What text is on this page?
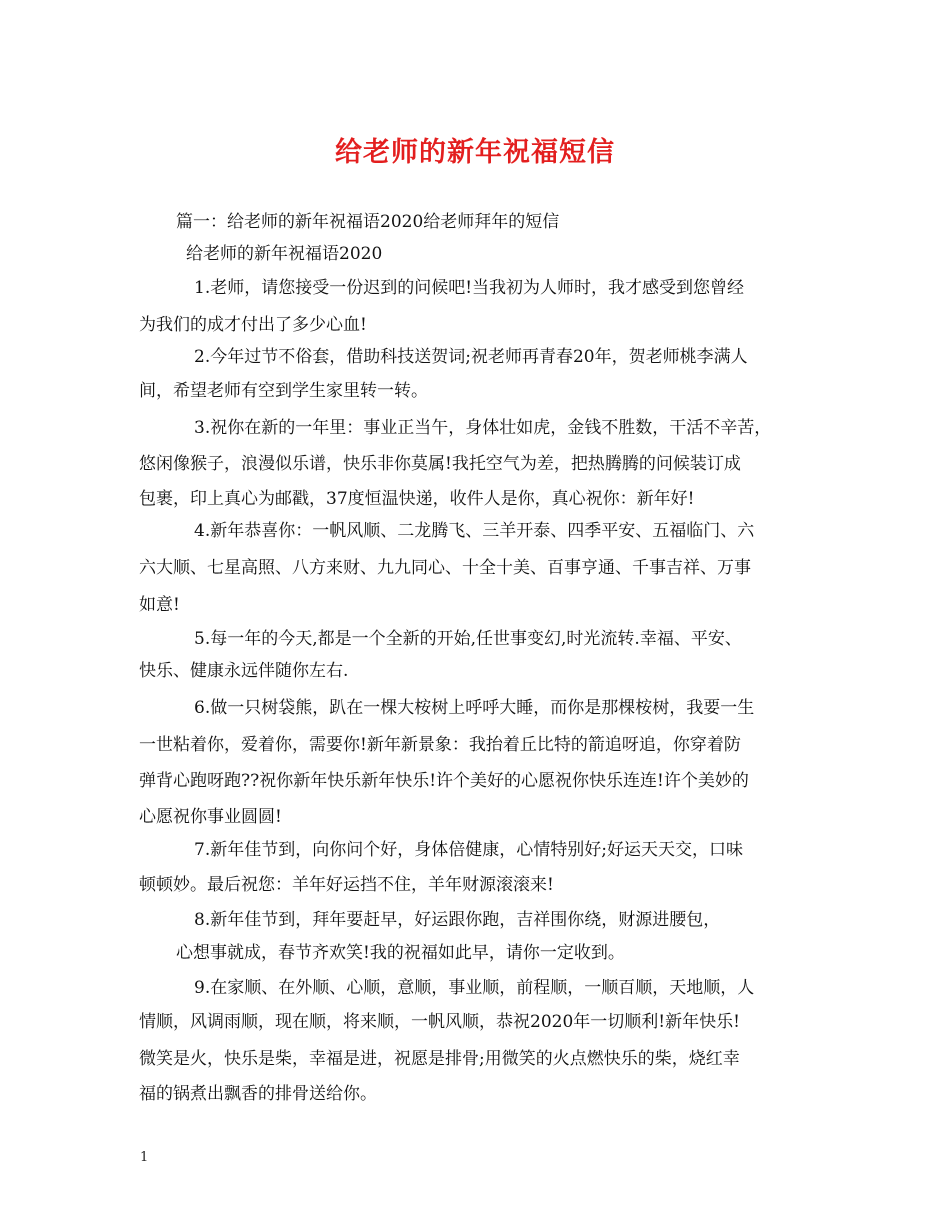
给老师的新年祝福短信
篇一：给老师的新年祝福语2020给老师拜年的短信
给老师的新年祝福语2020
1.老师，请您接受一份迟到的问候吧!当我初为人师时，我才感受到您曾经
为我们的成才付出了多少心血!
2.今年过节不俗套，借助科技送贺词;祝老师再青春20年，贺老师桃李满人
间，希望老师有空到学生家里转一转。
3.祝你在新的一年里：事业正当午，身体壮如虎，金钱不胜数，干活不辛苦，
悠闲像猴子，浪漫似乐谱，快乐非你莫属!我托空气为差，把热腾腾的问候装订成
包裹，印上真心为邮戳，37度恒温快递，收件人是你，真心祝你：新年好!
4.新年恭喜你：一帆风顺、二龙腾飞、三羊开泰、四季平安、五福临门、六
六大顺、七星高照、八方来财、九九同心、十全十美、百事亨通、千事吉祥、万事
如意!
5.每一年的今天,都是一个全新的开始,任世事变幻,时光流转.幸福、平安、
快乐、健康永远伴随你左右.
6.做一只树袋熊，趴在一棵大桉树上呼呼大睡，而你是那棵桉树，我要一生
一世粘着你，爱着你，需要你!新年新景象：我抬着丘比特的箭追呀追，你穿着防
弹背心跑呀跑??祝你新年快乐新年快乐!许个美好的心愿祝你快乐连连!许个美妙的
心愿祝你事业圆圆!
7.新年佳节到，向你问个好，身体倍健康，心情特别好;好运天天交，口味
顿顿妙。最后祝您：羊年好运挡不住，羊年财源滚滚来!
8.新年佳节到，拜年要赶早，好运跟你跑，吉祥围你绕，财源进腰包，
心想事就成，春节齐欢笑!我的祝福如此早，请你一定收到。
9.在家顺、在外顺、心顺，意顺，事业顺，前程顺，一顺百顺，天地顺，人
情顺，风调雨顺，现在顺，将来顺，一帆风顺，恭祝2020年一切顺利!新年快乐!
微笑是火，快乐是柴，幸福是进，祝愿是排骨;用微笑的火点燃快乐的柴，烧红幸
福的锅煮出飘香的排骨送给你。
1
